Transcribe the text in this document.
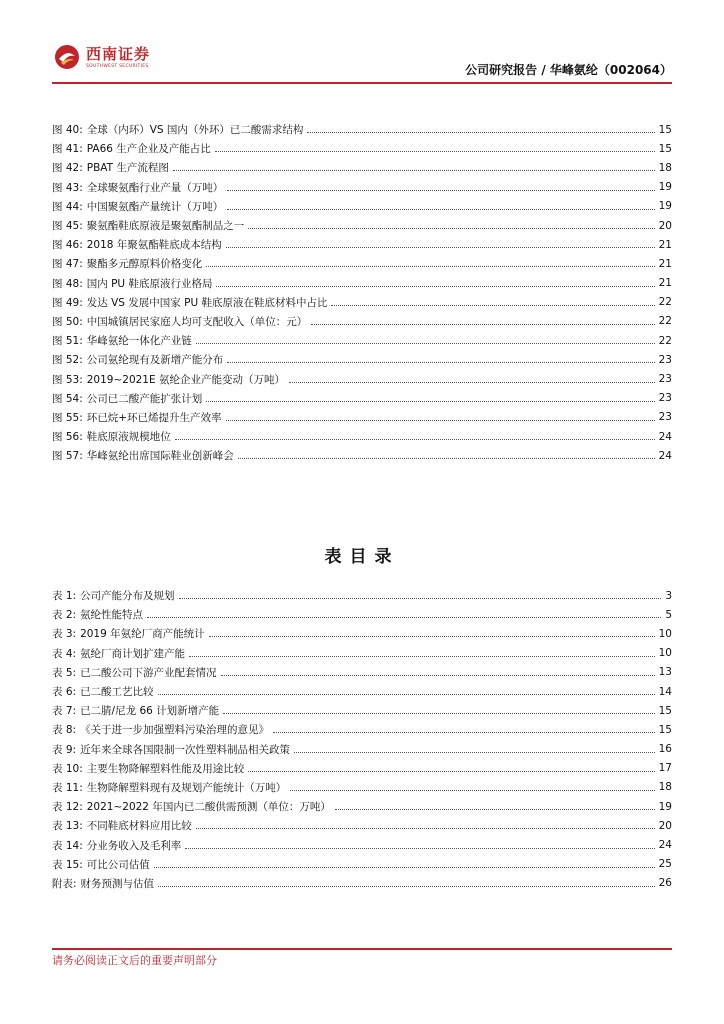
西南证券
SOUTHWEST SECURITIES	公司研究报告 / 华峰氨纶（002064）
图 40: 全球（内环）VS 国内（外环）已二酸需求结构	15
图 41: PA66 生产企业及产能占比	15
图 42: PBAT 生产流程图	18
图 43: 全球聚氨酯行业产量（万吨）	19
图 44: 中国聚氨酯产量统计（万吨）	19
图 45: 聚氨酯鞋底原液是聚氨酯制品之一	20
图 46: 2018 年聚氨酯鞋底成本结构	21
图 47: 聚酯多元醇原料价格变化	21
图 48: 国内 PU 鞋底原液行业格局	21
图 49: 发达 VS 发展中国家 PU 鞋底原液在鞋底材料中占比	22
图 50: 中国城镇居民家庭人均可支配收入（单位：元）	22
图 51: 华峰氨纶一体化产业链	22
图 52: 公司氨纶现有及新增产能分布	23
图 53: 2019~2021E 氨纶企业产能变动（万吨）	23
图 54: 公司已二酸产能扩张计划	23
图 55: 环已烷+环已烯提升生产效率	23
图 56: 鞋底原液规模地位	24
图 57: 华峰氨纶出席国际鞋业创新峰会	24
表目录
表 1: 公司产能分布及规划	3
表 2: 氨纶性能特点	5
表 3: 2019 年氨纶厂商产能统计	10
表 4: 氨纶厂商计划扩建产能	10
表 5: 已二酸公司下游产业配套情况	13
表 6: 已二酸工艺比较	14
表 7: 已二腈/尼龙 66 计划新增产能	15
表 8: 《关于进一步加强塑料污染治理的意见》	15
表 9: 近年来全球各国限制一次性塑料制品相关政策	16
表 10: 主要生物降解塑料性能及用途比较	17
表 11: 生物降解塑料现有及规划产能统计（万吨）	18
表 12: 2021~2022 年国内已二酸供需预测（单位：万吨）	19
表 13: 不同鞋底材料应用比较	20
表 14: 分业务收入及毛利率	24
表 15: 可比公司估值	25
附表: 财务预测与估值	26
请务必阅读正文后的重要声明部分
